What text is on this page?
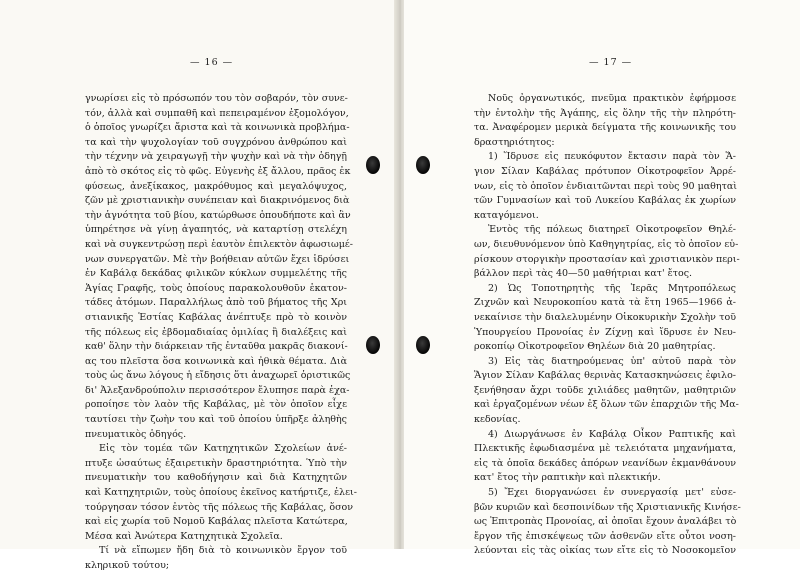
— 16 —
γνωρίσει εἰς τὸ πρόσωπόν του τὸν σοβαρόν, τὸν συνε-
τόν, ἀλλὰ καὶ συμπαθῆ καὶ πεπειραμένον ἐξομολόγον,
ὁ ὁποῖος γνωρίζει ἄριστα καὶ τὰ κοινωνικὰ προβλήμα-
τα καὶ τὴν ψυχολογίαν τοῦ συγχρόνου ἀνθρώπου καὶ
τὴν τέχνην νὰ χειραγωγῇ τὴν ψυχὴν καὶ νὰ τὴν ὁδηγῇ
ἀπὸ τὸ σκότος εἰς τὸ φῶς. Εὐγενὴς ἐξ ἄλλου, πρᾶος ἐκ
φύσεως, ἀνεξίκακος, μακρόθυμος καὶ μεγαλόψυχος,
ζῶν μὲ χριστιανικὴν συνέπειαν καὶ διακρινόμενος διὰ
τὴν ἁγνότητα τοῦ βίου, κατώρθωσε ὁπουδήποτε καὶ ἂν
ὑπηρέτησε νὰ γίνῃ ἀγαπητός, νὰ καταρτίσῃ στελέχη
καὶ νὰ συγκεντρώσῃ περὶ ἑαυτὸν ἐπιλεκτὸν ἀφωσιωμέ-
νων συνεργατῶν. Μὲ τὴν βοήθειαν αὐτῶν ἔχει ἱδρύσει
ἐν Καβάλᾳ δεκάδας φιλικῶν κύκλων συμμελέτης τῆς
Ἁγίας Γραφῆς, τοὺς ὁποίους παρακολουθοῦν ἑκατον-
τάδες ἀτόμων. Παραλλήλως ἀπὸ τοῦ βήματος τῆς Χρι
στιανικῆς Ἑστίας Καβάλας ἀνέπτυξε πρὸ τὸ κοινὸν
τῆς πόλεως εἰς ἑβδομαδιαίας ὁμιλίας ἢ διαλέξεις καὶ
καθ' ὅλην τὴν διάρκειαν τῆς ἐνταῦθα μακρᾶς διακονί-
ας του πλεῖστα ὅσα κοινωνικὰ καὶ ἠθικὰ θέματα. Διὰ
τοὺς ὡς ἄνω λόγους ἡ εἴδησις ὅτι ἀναχωρεῖ ὁριστικῶς
δι' Ἀλεξανδρούπολιν περισσότερον ἔλυπησε παρὰ ἐχα-
ροποίησε τὸν λαὸν τῆς Καβάλας, μὲ τὸν ὁποῖον εἶχε
ταυτίσει τὴν ζωὴν του καὶ τοῦ ὁποίου ὑπῆρξε ἀληθὴς
πνευματικὸς ὁδηγός.
Εἰς τὸν τομέα τῶν Κατηχητικῶν Σχολείων ἀνέ-
πτυξε ὡσαύτως ἐξαιρετικὴν δραστηριότητα. Ὑπὸ τὴν
πνευματικὴν του καθοδήγησιν καὶ διὰ Κατηχητῶν
καὶ Κατηχητριῶν, τοὺς ὁποίους ἐκεῖνος κατήρτιζε, ἐλει-
τούργησαν τόσον ἐντὸς τῆς πόλεως τῆς Καβάλας, ὅσον
καὶ εἰς χωρία τοῦ Νομοῦ Καβάλας πλεῖστα Κατώτερα,
Μέσα καὶ Ἀνώτερα Κατηχητικὰ Σχολεῖα.
Τί νὰ εἴπωμεν ἤδη διὰ τὸ κοινωνικὸν ἔργον τοῦ
κληρικοῦ τούτου;
— 17 —
Νοῦς ὀργανωτικός, πνεῦμα πρακτικὸν ἐφήρμοσε
τὴν ἐντολὴν τῆς Ἀγάπης, εἰς ὅλην τῆς τὴν πληρότη-
τα. Ἀναφέρομεν μερικὰ δείγματα τῆς κοινωνικῆς του
δραστηριότητος:
1) Ἵδρυσε εἰς πευκόφυτον ἔκτασιν παρὰ τὸν Ἅ-
γιον Σίλαν Καβάλας πρότυπον Οἰκοτροφεῖον Ἀρρέ-
νων, εἰς τὸ ὁποῖον ἐνδιαιτῶνται περὶ τοὺς 90 μαθηταὶ
τῶν Γυμνασίων καὶ τοῦ Λυκείου Καβάλας ἐκ χωρίων
καταγόμενοι.
Ἐντὸς τῆς πόλεως διατηρεῖ Οἰκοτροφεῖον Θηλέ-
ων, διευθυνόμενον ὑπὸ Καθηγητρίας, εἰς τὸ ὁποῖον εὑ-
ρίσκουν στοργικὴν προστασίαν καὶ χριστιανικὸν περι-
βάλλον περὶ τὰς 40—50 μαθήτριαι κατ' ἔτος.
2) Ὡς Τοποτηρητὴς τῆς Ἱερᾶς Μητροπόλεως
Ζιχνῶν καὶ Νευροκοπίου κατὰ τὰ ἔτη 1965—1966 ἀ-
νεκαίνισε τὴν διαλελυμένην Οἰκοκυρικὴν Σχολὴν τοῦ
Ὑπουργείου Προνοίας ἐν Ζίχνῃ καὶ ἵδρυσε ἐν Νευ-
ροκοπίῳ Οἰκοτροφεῖον Θηλέων διὰ 20 μαθητρίας.
3) Εἰς τὰς διατηρούμενας ὑπ' αὐτοῦ παρὰ τὸν
Ἅγιον Σίλαν Καβάλας θερινὰς Κατασκηνώσεις ἐφιλο-
ξενήθησαν ἄχρι τοῦδε χιλιάδες μαθητῶν, μαθητριῶν
καὶ ἐργαζομένων νέων ἐξ ὅλων τῶν ἐπαρχιῶν τῆς Μα-
κεδονίας.
4) Διωργάνωσε ἐν Καβάλᾳ Οἶκον Ραπτικῆς καὶ
Πλεκτικῆς ἐφωδιασμένα μὲ τελειότατα μηχανήματα,
εἰς τὰ ὁποῖα δεκάδες ἀπόρων νεανίδων ἐκμανθάνουν
κατ' ἔτος τὴν ραπτικὴν καὶ πλεκτικήν.
5) Ἔχει διοργανώσει ἐν συνεργασίᾳ μετ' εὐσε-
βῶν κυριῶν καὶ δεσποινίδων τῆς Χριστιανικῆς Κινήσε-
ως Ἐπιτροπὰς Προνοίας, αἱ ὁποῖαι ἔχουν ἀναλάβει τὸ
ἔργον τῆς ἐπισκέψεως τῶν ἀσθενῶν εἴτε οὗτοι νοση-
λεύονται εἰς τὰς οἰκίας των εἴτε εἰς τὸ Νοσοκομεῖον
